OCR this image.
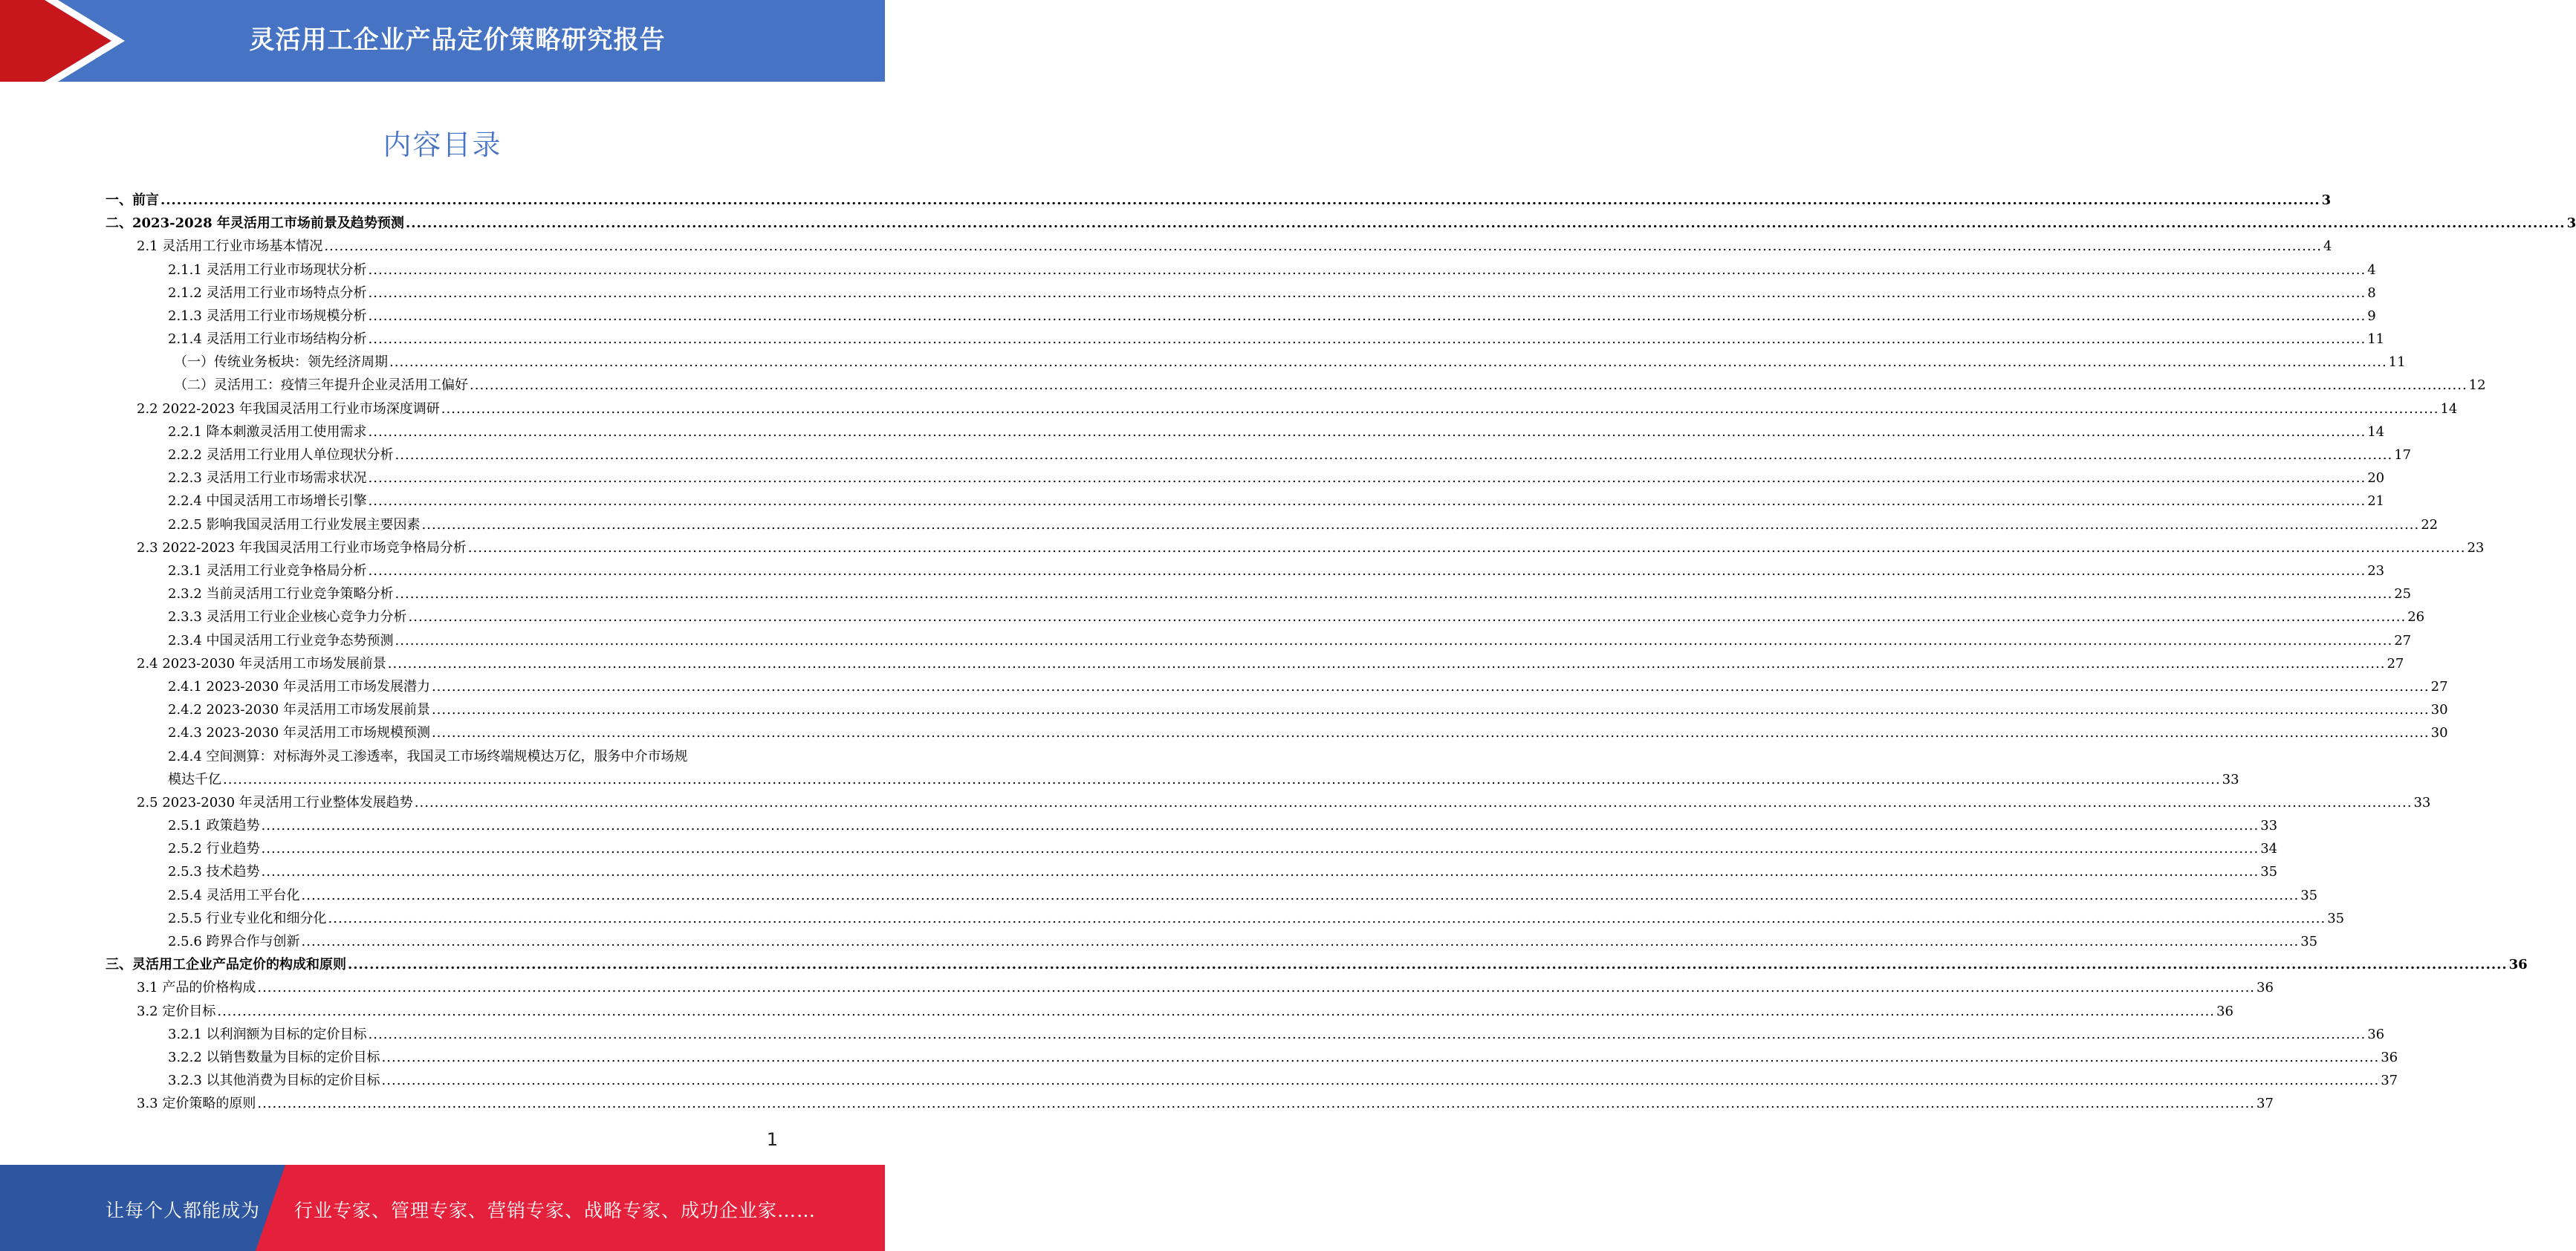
灵活用工企业产品定价策略研究报告
内容目录
一、前言 ................................................................................................................................................................................................................................................................................................................................................................................................................ 3
二、2023-2028 年灵活用工市场前景及趋势预测 ................................................................................................................................................................................................................................................................................................................................................................................................................ 3
2.1 灵活用工行业市场基本情况 ................................................................................................................................................................................................................................................................................................................................................................................................................ 4
2.1.1 灵活用工行业市场现状分析 ................................................................................................................................................................................................................................................................................................................................................................................................................ 4
2.1.2 灵活用工行业市场特点分析 ................................................................................................................................................................................................................................................................................................................................................................................................................ 8
2.1.3 灵活用工行业市场规模分析 ................................................................................................................................................................................................................................................................................................................................................................................................................ 9
2.1.4 灵活用工行业市场结构分析 ................................................................................................................................................................................................................................................................................................................................................................................................................ 11
（一）传统业务板块：领先经济周期 ................................................................................................................................................................................................................................................................................................................................................................................................................ 11
（二）灵活用工：疫情三年提升企业灵活用工偏好 ................................................................................................................................................................................................................................................................................................................................................................................................................ 12
2.2 2022-2023 年我国灵活用工行业市场深度调研 ................................................................................................................................................................................................................................................................................................................................................................................................................ 14
2.2.1 降本刺激灵活用工使用需求 ................................................................................................................................................................................................................................................................................................................................................................................................................ 14
2.2.2 灵活用工行业用人单位现状分析 ................................................................................................................................................................................................................................................................................................................................................................................................................ 17
2.2.3 灵活用工行业市场需求状况 ................................................................................................................................................................................................................................................................................................................................................................................................................ 20
2.2.4 中国灵活用工市场增长引擎 ................................................................................................................................................................................................................................................................................................................................................................................................................ 21
2.2.5 影响我国灵活用工行业发展主要因素 ................................................................................................................................................................................................................................................................................................................................................................................................................ 22
2.3 2022-2023 年我国灵活用工行业市场竞争格局分析 ................................................................................................................................................................................................................................................................................................................................................................................................................ 23
2.3.1 灵活用工行业竞争格局分析 ................................................................................................................................................................................................................................................................................................................................................................................................................ 23
2.3.2 当前灵活用工行业竞争策略分析 ................................................................................................................................................................................................................................................................................................................................................................................................................ 25
2.3.3 灵活用工行业企业核心竞争力分析 ................................................................................................................................................................................................................................................................................................................................................................................................................ 26
2.3.4 中国灵活用工行业竞争态势预测 ................................................................................................................................................................................................................................................................................................................................................................................................................ 27
2.4 2023-2030 年灵活用工市场发展前景 ................................................................................................................................................................................................................................................................................................................................................................................................................ 27
2.4.1 2023-2030 年灵活用工市场发展潜力 ................................................................................................................................................................................................................................................................................................................................................................................................................ 27
2.4.2 2023-2030 年灵活用工市场发展前景 ................................................................................................................................................................................................................................................................................................................................................................................................................ 30
2.4.3 2023-2030 年灵活用工市场规模预测 ................................................................................................................................................................................................................................................................................................................................................................................................................ 30
2.4.4 空间测算：对标海外灵工渗透率，我国灵工市场终端规模达万亿，服务中介市场规
模达千亿 ................................................................................................................................................................................................................................................................................................................................................................................................................ 33
2.5 2023-2030 年灵活用工行业整体发展趋势 ................................................................................................................................................................................................................................................................................................................................................................................................................ 33
2.5.1 政策趋势 ................................................................................................................................................................................................................................................................................................................................................................................................................ 33
2.5.2 行业趋势 ................................................................................................................................................................................................................................................................................................................................................................................................................ 34
2.5.3 技术趋势 ................................................................................................................................................................................................................................................................................................................................................................................................................ 35
2.5.4 灵活用工平台化 ................................................................................................................................................................................................................................................................................................................................................................................................................ 35
2.5.5 行业专业化和细分化 ................................................................................................................................................................................................................................................................................................................................................................................................................ 35
2.5.6 跨界合作与创新 ................................................................................................................................................................................................................................................................................................................................................................................................................ 35
三、灵活用工企业产品定价的构成和原则 ................................................................................................................................................................................................................................................................................................................................................................................................................ 36
3.1 产品的价格构成 ................................................................................................................................................................................................................................................................................................................................................................................................................ 36
3.2 定价目标 ................................................................................................................................................................................................................................................................................................................................................................................................................ 36
3.2.1 以利润额为目标的定价目标 ................................................................................................................................................................................................................................................................................................................................................................................................................ 36
3.2.2 以销售数量为目标的定价目标 ................................................................................................................................................................................................................................................................................................................................................................................................................ 36
3.2.3 以其他消费为目标的定价目标 ................................................................................................................................................................................................................................................................................................................................................................................................................ 37
3.3 定价策略的原则 ................................................................................................................................................................................................................................................................................................................................................................................................................ 37
1
让每个人都能成为 行业专家、管理专家、营销专家、战略专家、成功企业家……
